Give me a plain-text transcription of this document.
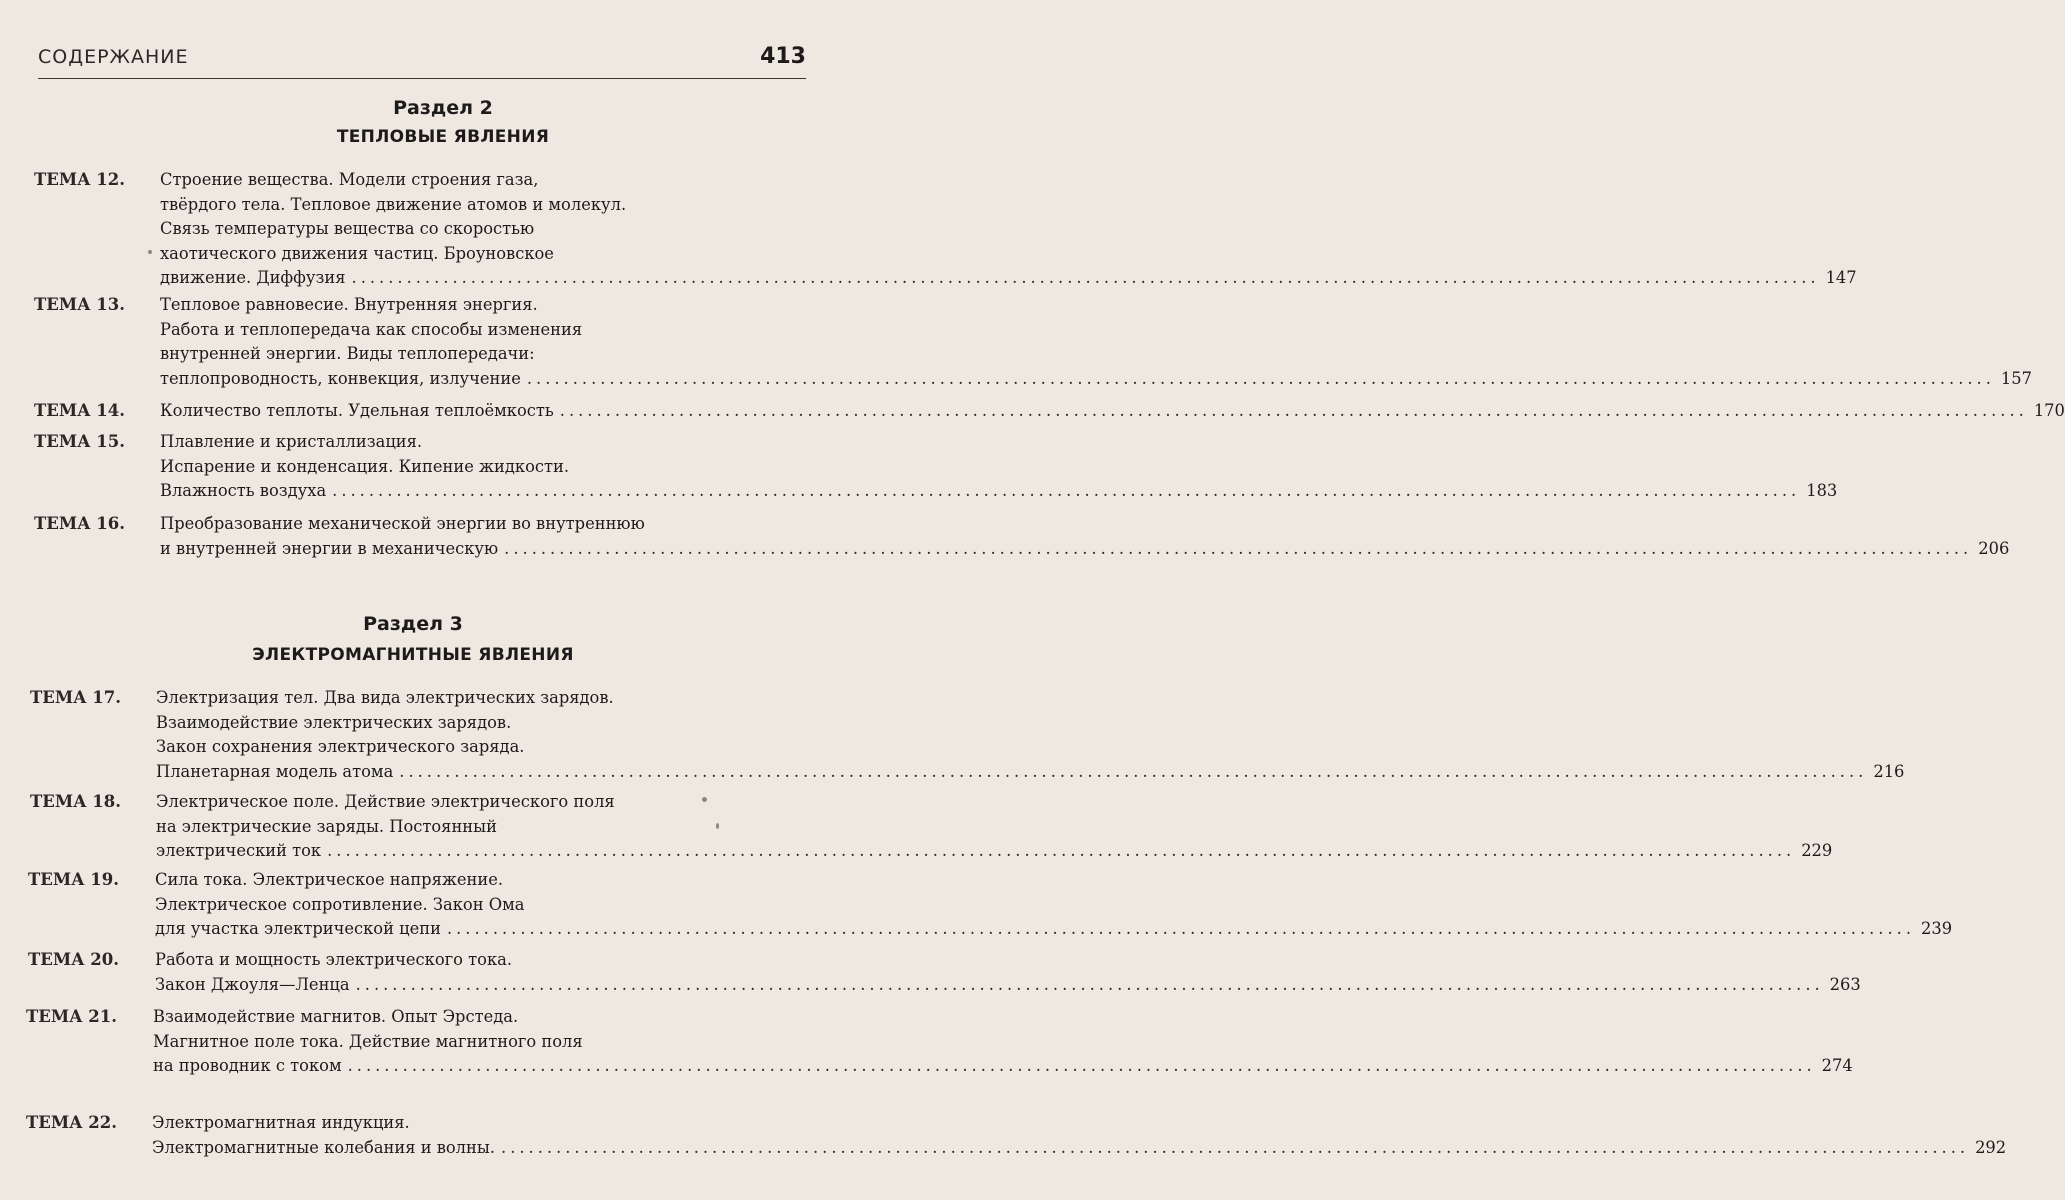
СОДЕРЖАНИЕ	413
Раздел 2
ТЕПЛОВЫЕ ЯВЛЕНИЯ
ТЕМА 12. Строение вещества. Модели строения газа,
твёрдого тела. Тепловое движение атомов и молекул.
Связь температуры вещества со скоростью
хаотического движения частиц. Броуновское
движение. Диффузия ................................................................................................................................................................ 147
ТЕМА 13. Тепловое равновесие. Внутренняя энергия.
Работа и теплопередача как способы изменения
внутренней энергии. Виды теплопередачи:
теплопроводность, конвекция, излучение ................................................................................................................................................................ 157
ТЕМА 14. Количество теплоты. Удельная теплоёмкость ................................................................................................................................................................ 170
ТЕМА 15. Плавление и кристаллизация.
Испарение и конденсация. Кипение жидкости.
Влажность воздуха ................................................................................................................................................................ 183
ТЕМА 16. Преобразование механической энергии во внутреннюю
и внутренней энергии в механическую ................................................................................................................................................................ 206
Раздел 3
ЭЛЕКТРОМАГНИТНЫЕ ЯВЛЕНИЯ
ТЕМА 17. Электризация тел. Два вида электрических зарядов.
Взаимодействие электрических зарядов.
Закон сохранения электрического заряда.
Планетарная модель атома ................................................................................................................................................................ 216
ТЕМА 18. Электрическое поле. Действие электрического поля
на электрические заряды. Постоянный
электрический ток ................................................................................................................................................................ 229
ТЕМА 19. Сила тока. Электрическое напряжение.
Электрическое сопротивление. Закон Ома
для участка электрической цепи ................................................................................................................................................................ 239
ТЕМА 20. Работа и мощность электрического тока.
Закон Джоуля—Ленца ................................................................................................................................................................ 263
ТЕМА 21. Взаимодействие магнитов. Опыт Эрстеда.
Магнитное поле тока. Действие магнитного поля
на проводник с током ................................................................................................................................................................ 274
ТЕМА 22. Электромагнитная индукция.
Электромагнитные колебания и волны. ................................................................................................................................................................ 292
